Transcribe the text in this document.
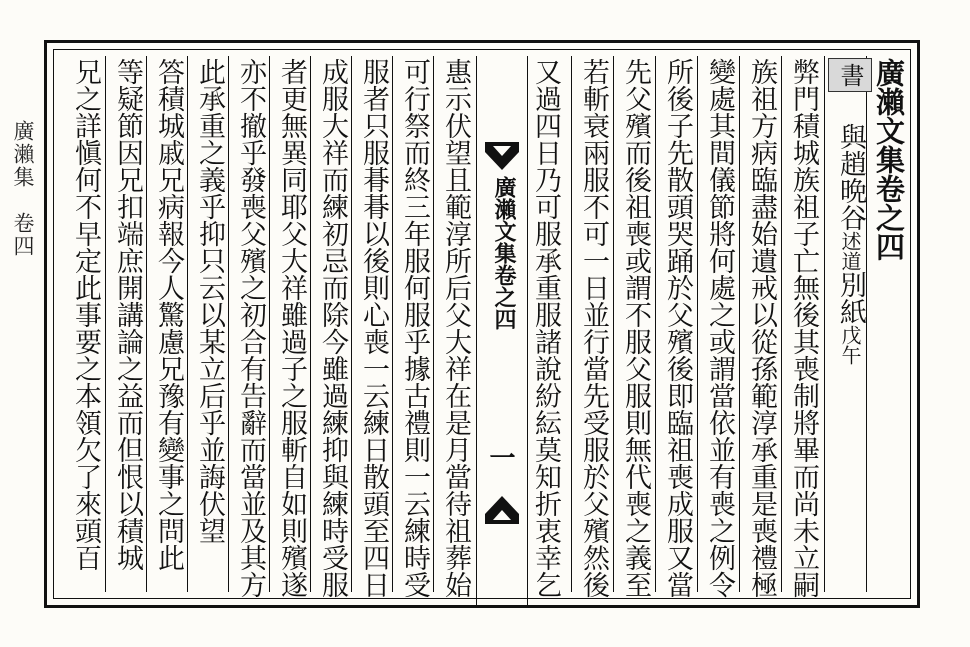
廣瀨集　卷四	廣瀨文集卷之四
書 與趙晩谷述道別紙戊午
弊門積城族祖子亡無後其喪制將畢而尚未立嗣
族祖方病臨盡始遺戒以從孫範淳承重是喪禮極
變處其間儀節將何處之或謂當依並有喪之例令
所後子先散頭哭踊於父殯後即臨祖喪成服又當
先父殯而後祖喪或謂不服父服則無代喪之義至
若斬衰兩服不可一日並行當先受服於父殯然後
又過四日乃可服承重服諸說紛紜莫知折衷幸乞
廣瀨文集卷之四
一
惠示伏望且範淳所后父大祥在是月當待祖葬始
可行祭而終三年服何服乎據古禮則一云練時受
服者只服朞朞以後則心喪一云練日散頭至四日
成服大祥而練初忌而除今雖過練抑與練時受服
者更無異同耶父大祥雖過子之服斬自如則殯遂
亦不撤乎發喪父殯之初合有告辭而當並及其方
此承重之義乎抑只云以某立后乎並誨伏望
答積城戚兄病報今人驚慮兄豫有變事之問此
等疑節因兄扣端庶開講論之益而但恨以積城
兄之詳愼何不早定此事要之本領欠了來頭百
